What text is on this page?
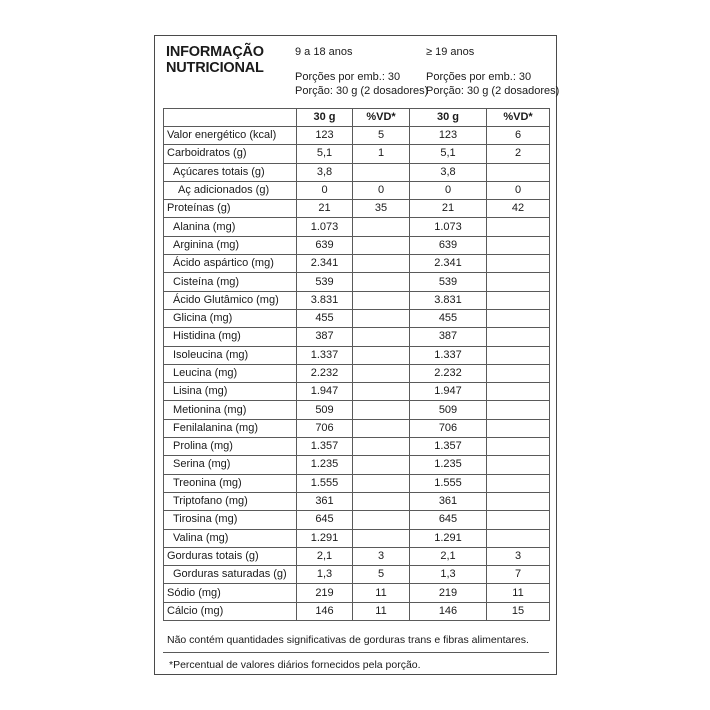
INFORMAÇÃO
NUTRICIONAL
9 a 18 anos
Porções por emb.: 30
Porção: 30 g (2 dosadores)
≥ 19 anos
Porções por emb.: 30
Porção: 30 g (2 dosadores)
	30 g	%VD*	30 g	%VD*
Valor energético (kcal)	123	5	123	6
Carboidratos (g)	5,1	1	5,1	2
Açúcares totais (g)	3,8		3,8	
Aç adicionados (g)	0	0	0	0
Proteínas (g)	21	35	21	42
Alanina (mg)	1.073		1.073	
Arginina (mg)	639		639	
Ácido aspártico (mg)	2.341		2.341	
Cisteína (mg)	539		539	
Ácido Glutâmico (mg)	3.831		3.831	
Glicina (mg)	455		455	
Histidina (mg)	387		387	
Isoleucina (mg)	1.337		1.337	
Leucina (mg)	2.232		2.232	
Lisina (mg)	1.947		1.947	
Metionina (mg)	509		509	
Fenilalanina (mg)	706		706	
Prolina (mg)	1.357		1.357	
Serina (mg)	1.235		1.235	
Treonina (mg)	1.555		1.555	
Triptofano (mg)	361		361	
Tirosina (mg)	645		645	
Valina (mg)	1.291		1.291	
Gorduras totais (g)	2,1	3	2,1	3
Gorduras saturadas (g)	1,3	5	1,3	7
Sódio (mg)	219	11	219	11
Cálcio (mg)	146	11	146	15
Não contém quantidades significativas de gorduras trans e fibras alimentares.
*Percentual de valores diários fornecidos pela porção.
